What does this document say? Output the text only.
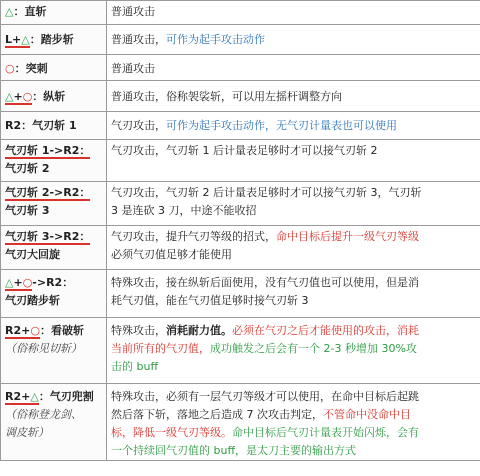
△：直斩	普通攻击
L+△：踏步斩	普通攻击，可作为起手攻击动作
○：突刺	普通攻击
△+○：纵斩	普通攻击，俗称袈裟斩，可以用左摇杆调整方向
R2：气刃斩 1	气刃攻击，可作为起手攻击动作，无气刃计量表也可以使用
气刃斩 1->R2：
气刃斩 2	气刃攻击，气刃斩 1 后计量表足够时才可以接气刃斩 2
气刃斩 2->R2：
气刃斩 3	气刃攻击，气刃斩 2 后计量表足够时才可以接气刃斩 3，气刃斩
3 是连砍 3 刀，中途不能收招

气刃斩 3->R2：
气刃大回旋	气刃攻击，提升气刃等级的招式，命中目标后提升一级气刃等级
必须气刃值足够才能使用

△+○->R2：
气刃踏步斩	特殊攻击，接在纵斩后面使用，没有气刃值也可以使用，但是消
耗气刃值，能在气刃值足够时接气刃斩 3

R2+○：看破斩
（俗称见切斩）	特殊攻击，消耗耐力值。必须在气刃之后才能使用的攻击，消耗
当前所有的气刃值，成功触发之后会有一个 2-3 秒增加 30%攻
击的 buff

R2+△：气刃兜割
（俗称登龙剑、
调皮斩）	特殊攻击，必须有一层气刃等级才可以使用，在命中目标后起跳
然后落下斩，落地之后造成 7 次攻击判定，不管命中没命中目
标，降低一级气刃等级。命中目标后气刃计量表开始闪烁，会有
一个持续回气刃值的 buff，是太刀主要的输出方式
